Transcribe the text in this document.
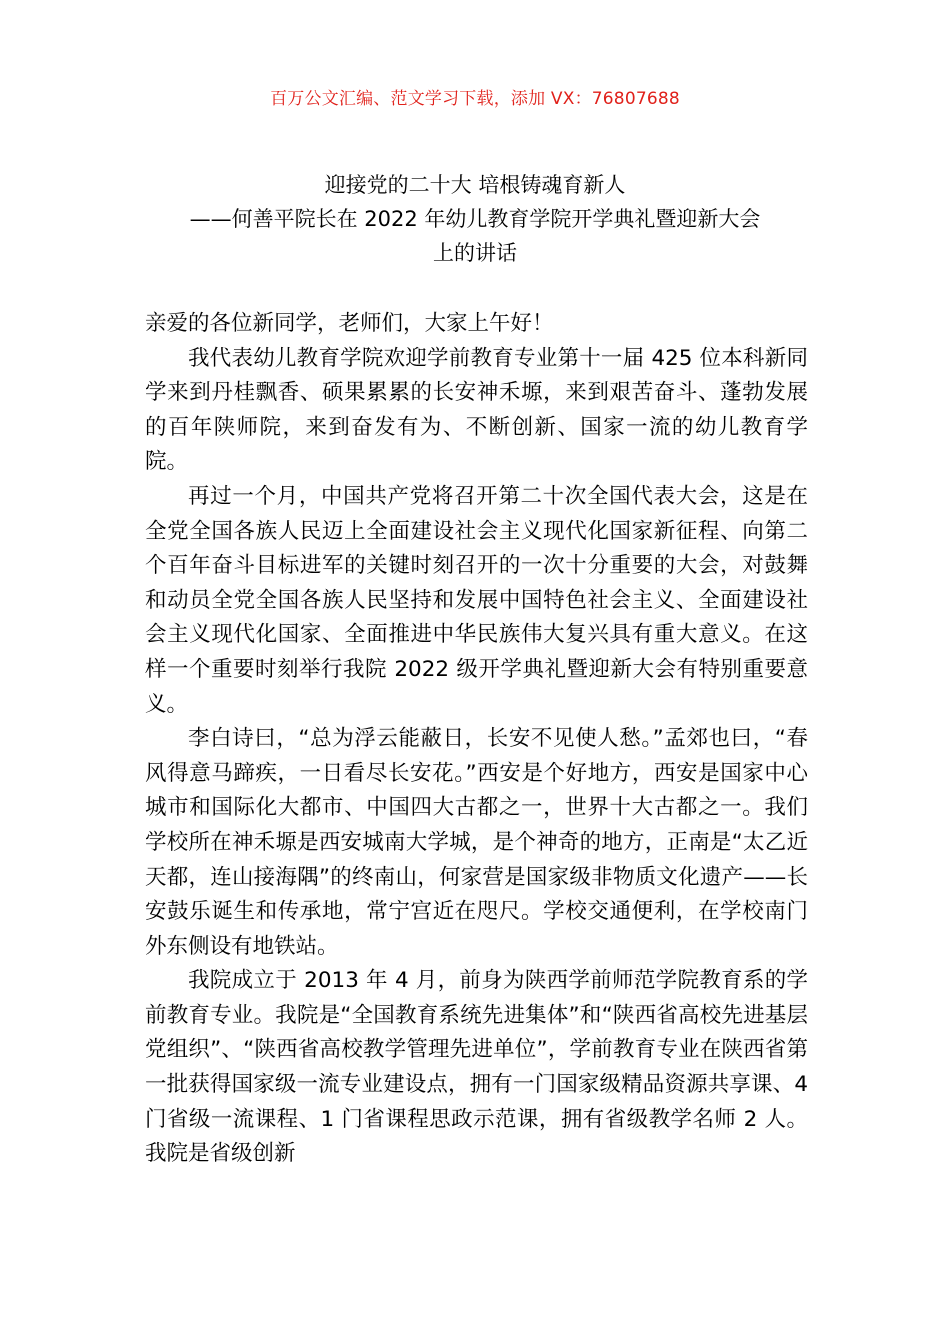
百万公文汇编、范文学习下载，添加 VX：76807688
迎接党的二十大 培根铸魂育新人
——何善平院长在 2022 年幼儿教育学院开学典礼暨迎新大会
上的讲话

亲爱的各位新同学，老师们，大家上午好！

我代表幼儿教育学院欢迎学前教育专业第十一届 425 位本科新同学来到丹桂飘香、硕果累累的长安神禾塬，来到艰苦奋斗、蓬勃发展的百年陕师院，来到奋发有为、不断创新、国家一流的幼儿教育学院。

再过一个月，中国共产党将召开第二十次全国代表大会，这是在全党全国各族人民迈上全面建设社会主义现代化国家新征程、向第二个百年奋斗目标进军的关键时刻召开的一次十分重要的大会，对鼓舞和动员全党全国各族人民坚持和发展中国特色社会主义、全面建设社会主义现代化国家、全面推进中华民族伟大复兴具有重大意义。在这样一个重要时刻举行我院 2022 级开学典礼暨迎新大会有特别重要意义。

李白诗曰，“总为浮云能蔽日，长安不见使人愁。”孟郊也曰，“春风得意马蹄疾，一日看尽长安花。”西安是个好地方，西安是国家中心城市和国际化大都市、中国四大古都之一，世界十大古都之一。我们学校所在神禾塬是西安城南大学城，是个神奇的地方，正南是“太乙近天都，连山接海隅”的终南山，何家营是国家级非物质文化遗产——长安鼓乐诞生和传承地，常宁宫近在咫尺。学校交通便利，在学校南门外东侧设有地铁站。

我院成立于 2013 年 4 月，前身为陕西学前师范学院教育系的学前教育专业。我院是“全国教育系统先进集体”和“陕西省高校先进基层党组织”、“陕西省高校教学管理先进单位”，学前教育专业在陕西省第一批获得国家级一流专业建设点，拥有一门国家级精品资源共享课、4 门省级一流课程、1 门省课程思政示范课，拥有省级教学名师 2 人。我院是省级创新
